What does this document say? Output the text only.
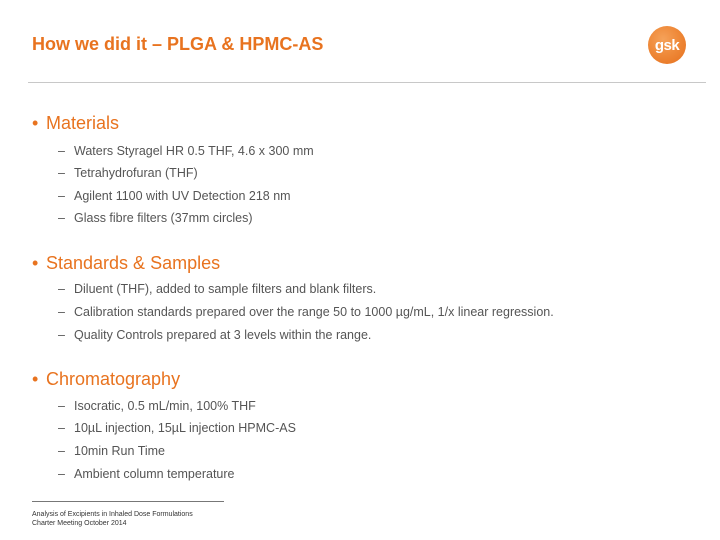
How we did it – PLGA & HPMC-AS	gsk
• Materials
– Waters Styragel HR 0.5 THF, 4.6 x 300 mm
– Tetrahydrofuran (THF)
– Agilent 1100 with UV Detection 218 nm
– Glass fibre filters (37mm circles)
• Standards & Samples
– Diluent (THF), added to sample filters and blank filters.
– Calibration standards prepared over the range 50 to 1000 µg/mL, 1/x linear regression.
– Quality Controls prepared at 3 levels within the range.
• Chromatography
– Isocratic, 0.5 mL/min, 100% THF
– 10µL injection, 15µL injection HPMC-AS
– 10min Run Time
– Ambient column temperature
Analysis of Excipients in Inhaled Dose Formulations
Charter Meeting October 2014
